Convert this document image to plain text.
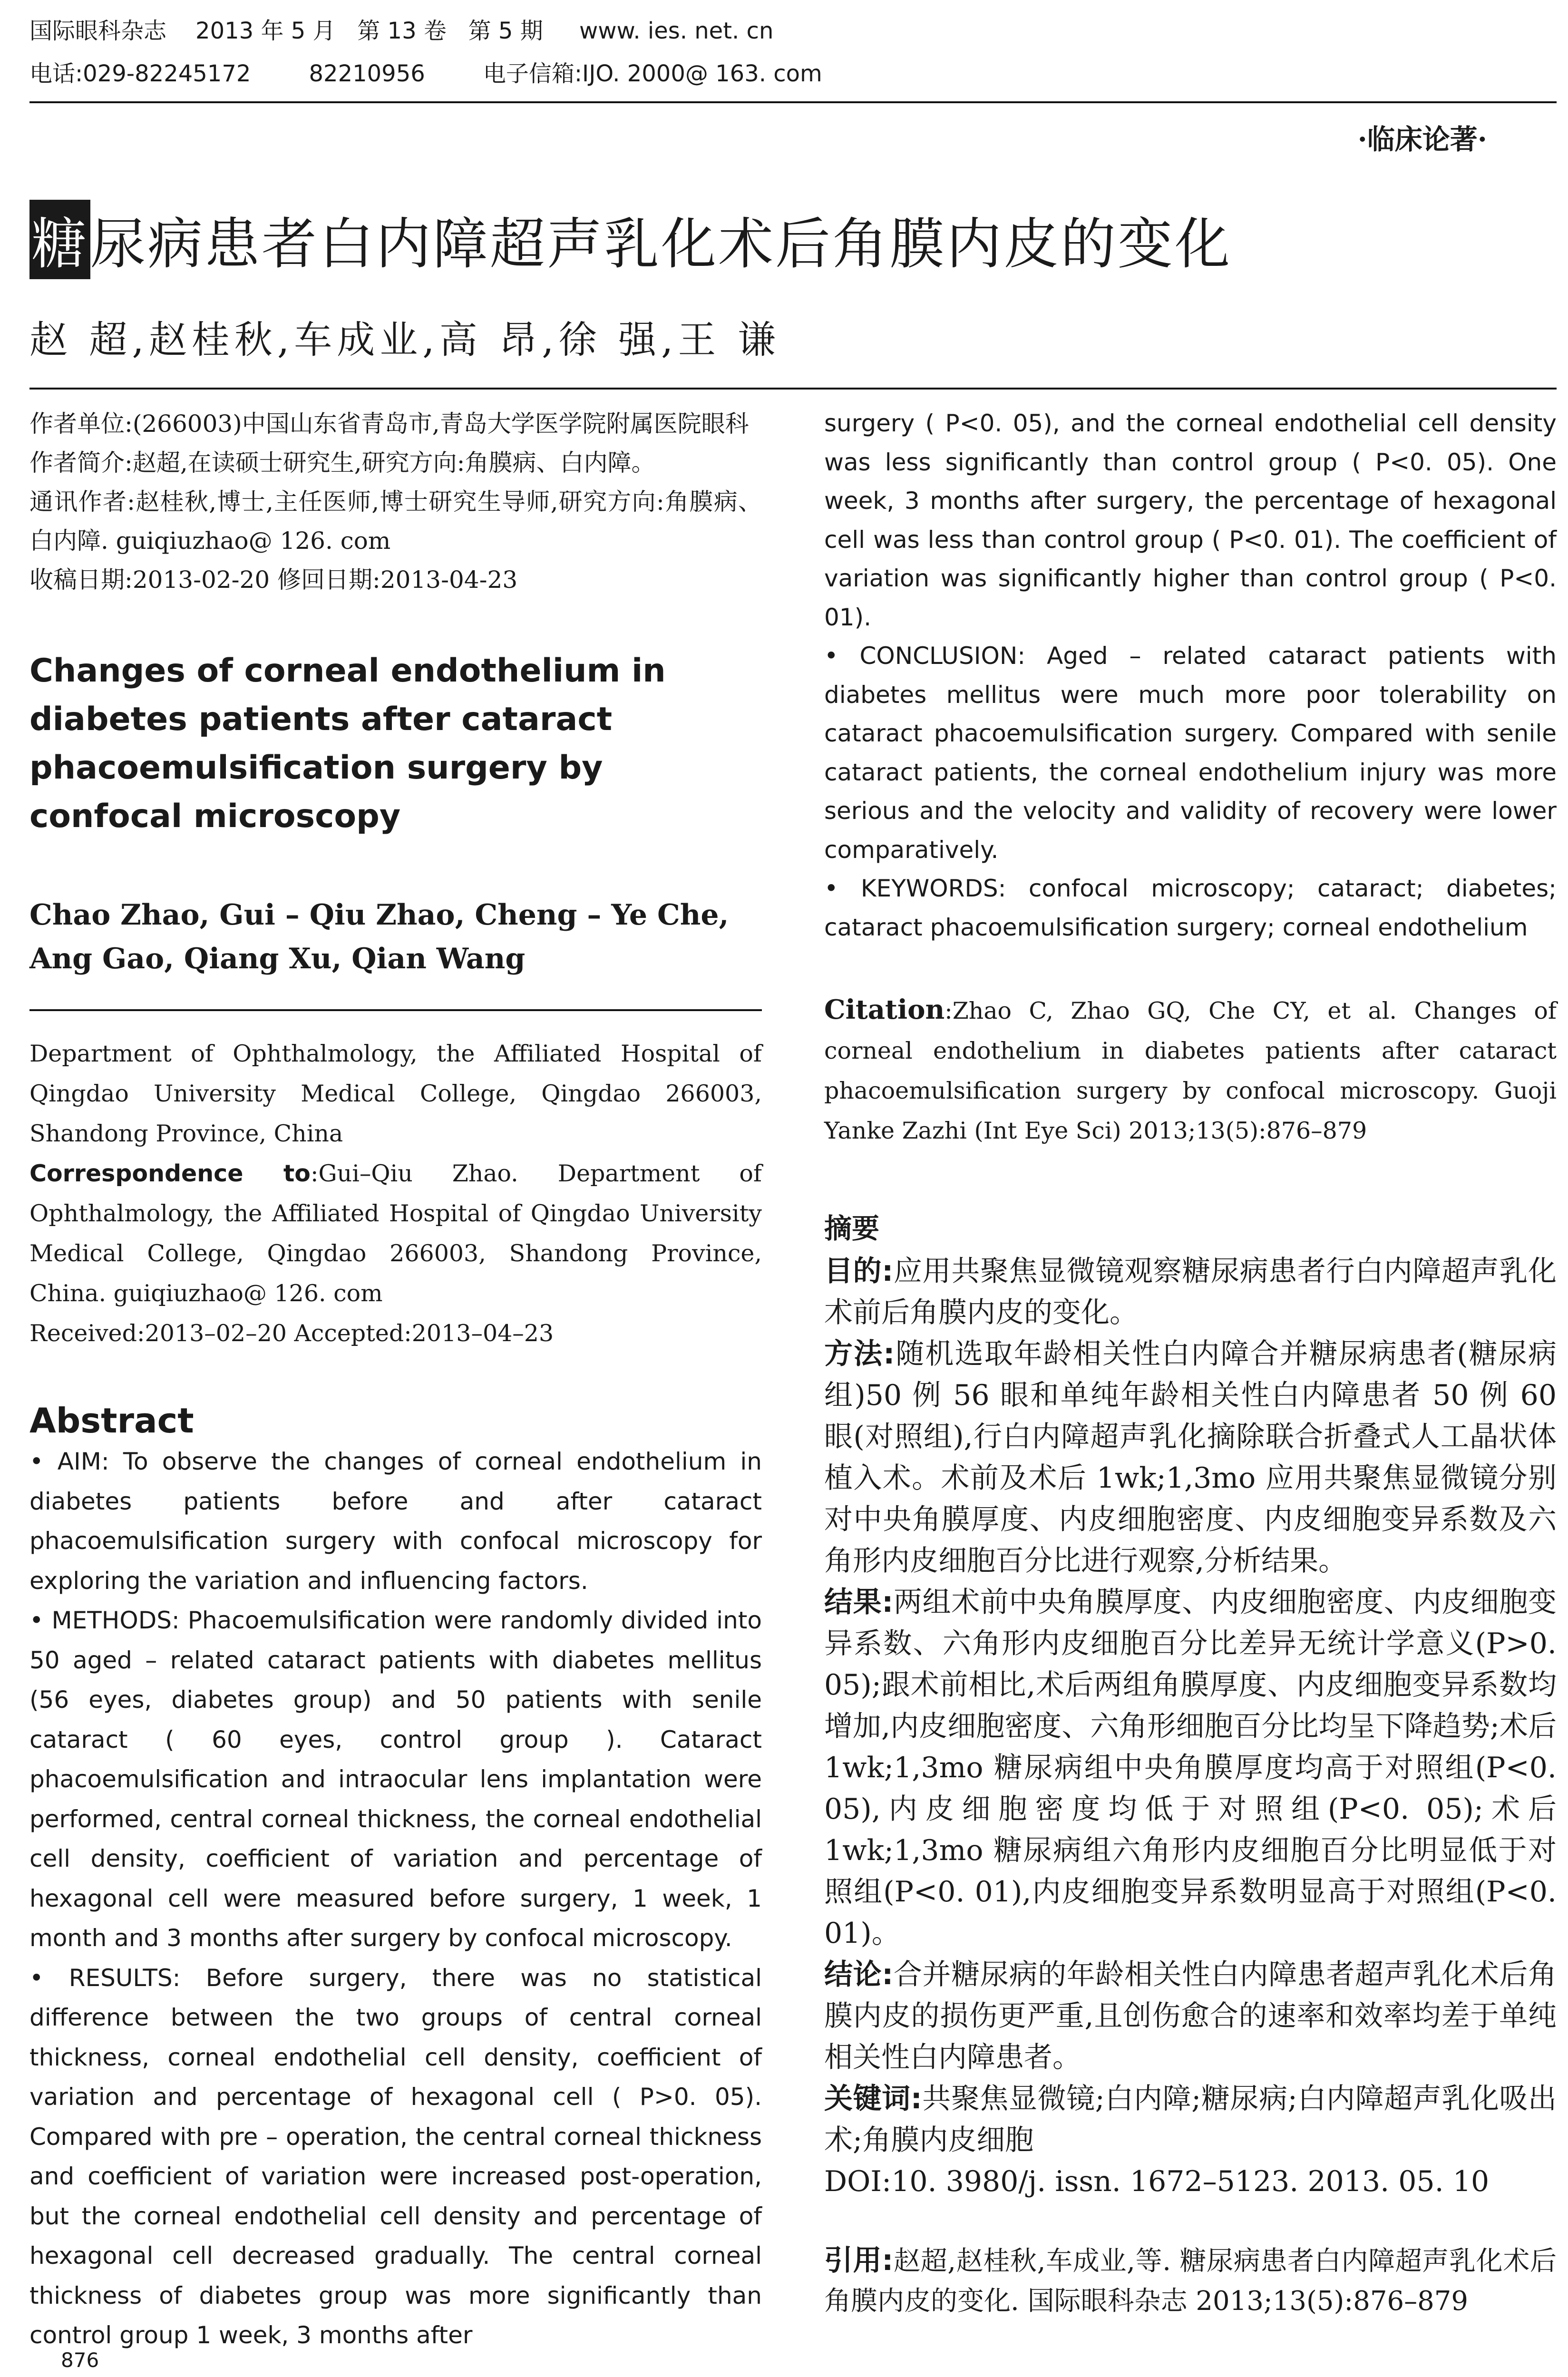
国际眼科杂志    2013 年 5 月   第 13 卷   第 5 期     www. ies. net. cn
电话:029-82245172        82210956        电子信箱:IJO. 2000@ 163. com
·临床论著·
糖尿病患者白内障超声乳化术后角膜内皮的变化
赵 超,赵桂秋,车成业,高 昂,徐 强,王 谦

作者单位:(266003)中国山东省青岛市,青岛大学医学院附属医院眼科

作者简介:赵超,在读硕士研究生,研究方向:角膜病、白内障。

通讯作者:赵桂秋,博士,主任医师,博士研究生导师,研究方向:角膜病、白内障. guiqiuzhao@ 126. com

收稿日期:2013-02-20 修回日期:2013-04-23

Changes of corneal endothelium in diabetes patients after cataract phacoemulsification surgery by confocal microscopy
Chao Zhao, Gui – Qiu Zhao, Cheng – Ye Che, Ang Gao, Qiang Xu, Qian Wang

Department of Ophthalmology, the Affiliated Hospital of Qingdao University Medical College, Qingdao 266003, Shandong Province, China

Correspondence to:Gui–Qiu Zhao. Department of Ophthalmology, the Affiliated Hospital of Qingdao University Medical College, Qingdao 266003, Shandong Province, China. guiqiuzhao@ 126. com

Received:2013–02–20 Accepted:2013–04–23

Abstract

• AIM: To observe the changes of corneal endothelium in diabetes patients before and after cataract phacoemulsification surgery with confocal microscopy for exploring the variation and influencing factors.

• METHODS: Phacoemulsification were randomly divided into 50 aged – related cataract patients with diabetes mellitus (56 eyes, diabetes group) and 50 patients with senile cataract ( 60 eyes, control group ). Cataract phacoemulsification and intraocular lens implantation were performed, central corneal thickness, the corneal endothelial cell density, coefficient of variation and percentage of hexagonal cell were measured before surgery, 1 week, 1 month and 3 months after surgery by confocal microscopy.

• RESULTS: Before surgery, there was no statistical difference between the two groups of central corneal thickness, corneal endothelial cell density, coefficient of variation and percentage of hexagonal cell ( P>0. 05). Compared with pre – operation, the central corneal thickness and coefficient of variation were increased post-operation, but the corneal endothelial cell density and percentage of hexagonal cell decreased gradually. The central corneal thickness of diabetes group was more significantly than control group 1 week, 3 months after

surgery ( P<0. 05), and the corneal endothelial cell density was less significantly than control group ( P<0. 05). One week, 3 months after surgery, the percentage of hexagonal cell was less than control group ( P<0. 01). The coefficient of variation was significantly higher than control group ( P<0. 01).

• CONCLUSION: Aged – related cataract patients with diabetes mellitus were much more poor tolerability on cataract phacoemulsification surgery. Compared with senile cataract patients, the corneal endothelium injury was more serious and the velocity and validity of recovery were lower comparatively.

• KEYWORDS: confocal microscopy; cataract; diabetes; cataract phacoemulsification surgery; corneal endothelium

Citation:Zhao C, Zhao GQ, Che CY, et al. Changes of corneal endothelium in diabetes patients after cataract phacoemulsification surgery by confocal microscopy. Guoji Yanke Zazhi (Int Eye Sci) 2013;13(5):876–879
摘要

目的:应用共聚焦显微镜观察糖尿病患者行白内障超声乳化术前后角膜内皮的变化。

方法:随机选取年龄相关性白内障合并糖尿病患者(糖尿病组)50 例 56 眼和单纯年龄相关性白内障患者 50 例 60 眼(对照组),行白内障超声乳化摘除联合折叠式人工晶状体植入术。术前及术后 1wk;1,3mo 应用共聚焦显微镜分别对中央角膜厚度、内皮细胞密度、内皮细胞变异系数及六角形内皮细胞百分比进行观察,分析结果。

结果:两组术前中央角膜厚度、内皮细胞密度、内皮细胞变异系数、六角形内皮细胞百分比差异无统计学意义(P>0. 05);跟术前相比,术后两组角膜厚度、内皮细胞变异系数均增加,内皮细胞密度、六角形细胞百分比均呈下降趋势;术后 1wk;1,3mo 糖尿病组中央角膜厚度均高于对照组(P<0. 05),内皮细胞密度均低于对照组(P<0. 05);术后 1wk;1,3mo 糖尿病组六角形内皮细胞百分比明显低于对照组(P<0. 01),内皮细胞变异系数明显高于对照组(P<0. 01)。

结论:合并糖尿病的年龄相关性白内障患者超声乳化术后角膜内皮的损伤更严重,且创伤愈合的速率和效率均差于单纯相关性白内障患者。

关键词:共聚焦显微镜;白内障;糖尿病;白内障超声乳化吸出术;角膜内皮细胞

DOI:10. 3980/j. issn. 1672–5123. 2013. 05. 10

引用:赵超,赵桂秋,车成业,等. 糖尿病患者白内障超声乳化术后角膜内皮的变化. 国际眼科杂志 2013;13(5):876–879
876
